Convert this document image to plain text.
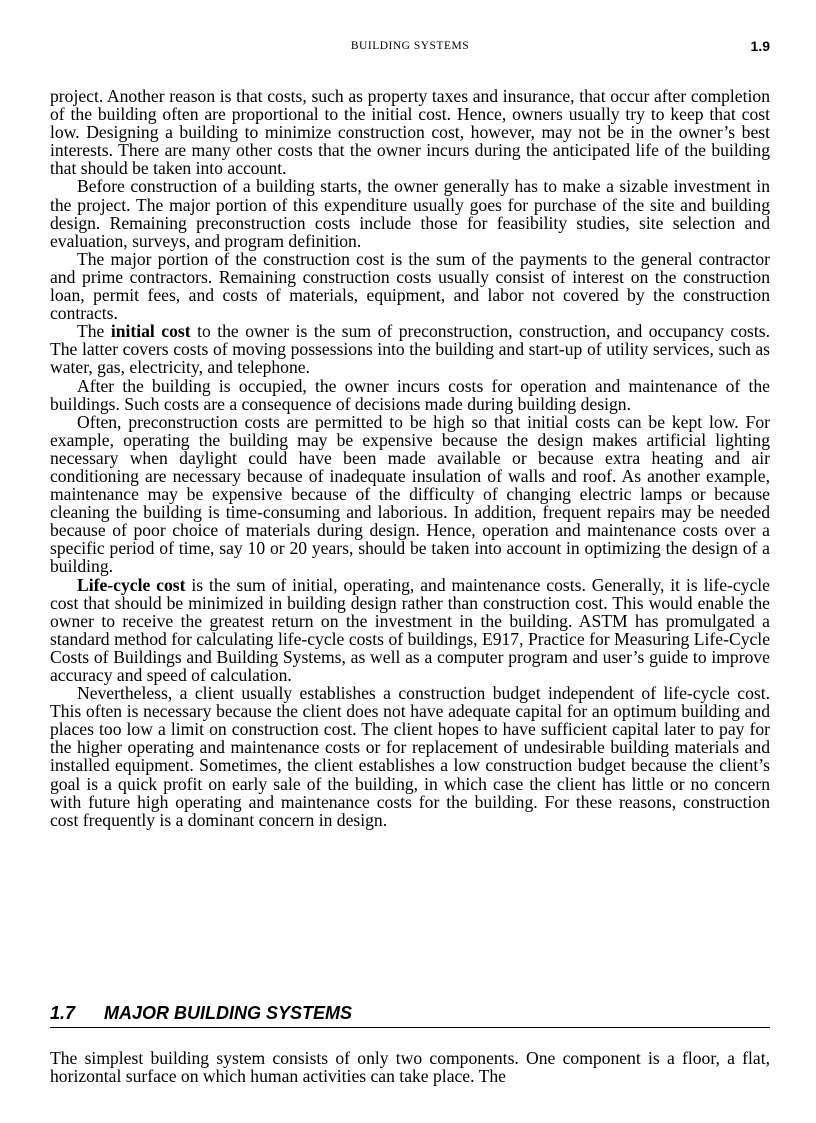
BUILDING SYSTEMS	1.9

project. Another reason is that costs, such as property taxes and insurance, that occur after completion of the building often are proportional to the initial cost. Hence, owners usually try to keep that cost low. Designing a building to minimize construction cost, however, may not be in the owner’s best interests. There are many other costs that the owner incurs during the anticipated life of the building that should be taken into account.

Before construction of a building starts, the owner generally has to make a sizable investment in the project. The major portion of this expenditure usually goes for purchase of the site and building design. Remaining preconstruction costs include those for feasibility studies, site selection and evaluation, surveys, and program definition.

The major portion of the construction cost is the sum of the payments to the general contractor and prime contractors. Remaining construction costs usually consist of interest on the construction loan, permit fees, and costs of materials, equipment, and labor not covered by the construction contracts.

The initial cost to the owner is the sum of preconstruction, construction, and occupancy costs. The latter covers costs of moving possessions into the building and start-up of utility services, such as water, gas, electricity, and telephone.

After the building is occupied, the owner incurs costs for operation and maintenance of the buildings. Such costs are a consequence of decisions made during building design.

Often, preconstruction costs are permitted to be high so that initial costs can be kept low. For example, operating the building may be expensive because the design makes artificial lighting necessary when daylight could have been made available or because extra heating and air conditioning are necessary because of inadequate insulation of walls and roof. As another example, maintenance may be expensive because of the difficulty of changing electric lamps or because cleaning the building is time-consuming and laborious. In addition, frequent repairs may be needed because of poor choice of materials during design. Hence, operation and maintenance costs over a specific period of time, say 10 or 20 years, should be taken into account in optimizing the design of a building.

Life-cycle cost is the sum of initial, operating, and maintenance costs. Generally, it is life-cycle cost that should be minimized in building design rather than construction cost. This would enable the owner to receive the greatest return on the investment in the building. ASTM has promulgated a standard method for calculating life-cycle costs of buildings, E917, Practice for Measuring Life-Cycle Costs of Buildings and Building Systems, as well as a computer program and user’s guide to improve accuracy and speed of calculation.

Nevertheless, a client usually establishes a construction budget independent of life-cycle cost. This often is necessary because the client does not have adequate capital for an optimum building and places too low a limit on construction cost. The client hopes to have sufficient capital later to pay for the higher operating and maintenance costs or for replacement of undesirable building materials and installed equipment. Sometimes, the client establishes a low construction budget because the client’s goal is a quick profit on early sale of the building, in which case the client has little or no concern with future high operating and maintenance costs for the building. For these reasons, construction cost frequently is a dominant concern in design.

1.7 MAJOR BUILDING SYSTEMS

The simplest building system consists of only two components. One component is a floor, a flat, horizontal surface on which human activities can take place. The
